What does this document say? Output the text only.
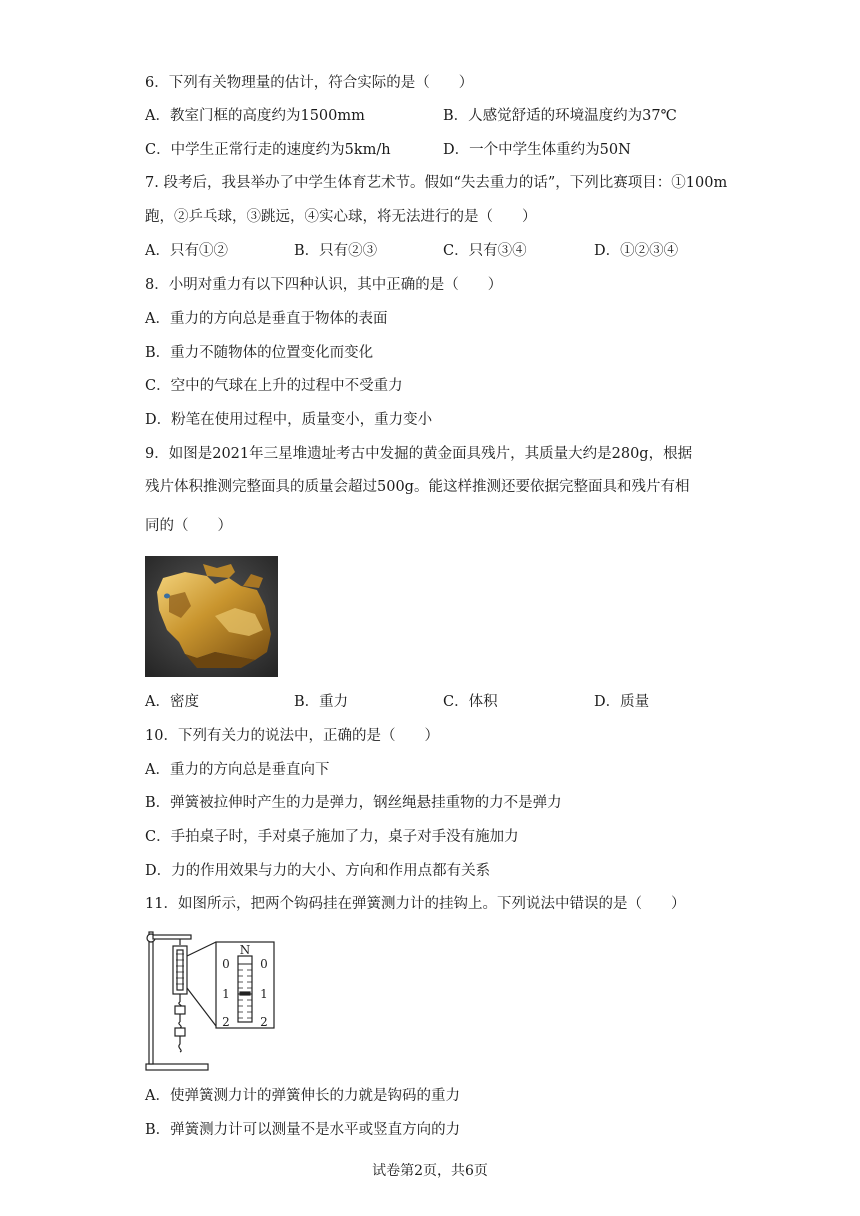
6．下列有关物理量的估计，符合实际的是（　　）
A．教室门框的高度约为1500mm	B．人感觉舒适的环境温度约为37℃
C．中学生正常行走的速度约为5km/h	D．一个中学生体重约为50N
7. 段考后，我县举办了中学生体育艺术节。假如“失去重力的话”，下列比赛项目：①100m
跑，②乒乓球，③跳远，④实心球，将无法进行的是（　　）
A．只有①②	B．只有②③	C．只有③④	D．①②③④
8．小明对重力有以下四种认识，其中正确的是（　　）
A．重力的方向总是垂直于物体的表面
B．重力不随物体的位置变化而变化
C．空中的气球在上升的过程中不受重力
D．粉笔在使用过程中，质量变小，重力变小
9．如图是2021年三星堆遗址考古中发掘的黄金面具残片，其质量大约是280g，根据
残片体积推测完整面具的质量会超过500g。能这样推测还要依据完整面具和残片有相
同的（　　）
A．密度	B．重力	C．体积	D．质量
10．下列有关力的说法中，正确的是（　　）
A．重力的方向总是垂直向下
B．弹簧被拉伸时产生的力是弹力，钢丝绳悬挂重物的力不是弹力
C．手拍桌子时，手对桌子施加了力，桌子对手没有施加力
D．力的作用效果与力的大小、方向和作用点都有关系
11．如图所示，把两个钩码挂在弹簧测力计的挂钩上。下列说法中错误的是（　　）
N
0
1
2
0
1
2
A．使弹簧测力计的弹簧伸长的力就是钩码的重力
B．弹簧测力计可以测量不是水平或竖直方向的力
试卷第2页，共6页
